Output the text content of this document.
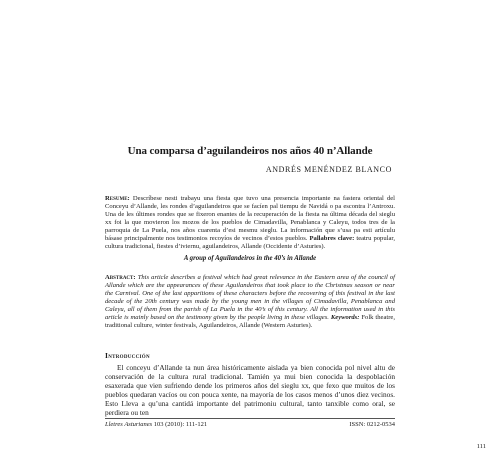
Una comparsa d’aguilandeiros nos años 40 n’Allande
ANDRÉS MENÉNDEZ BLANCO

Resume: Descríbese nesti trabayu una fiesta que tuvo una presencia importante na fastera oriental del Conceyu d’Allande, les rondes d’aguilandeiros que se facíen pal tiempu de Navidá o pa escontra l’Antroxu. Una de les últimes rondes que se fixeron enantes de la recuperación de la fiesta na última década del sieglu xx foi la que movieron los mozos de los pueblos de Cimadavilla, Penablanca y Caleyu, todos tres de la parroquia de La Puela, nos años cuarenta d’esi mesmu sieglu. La información que s’usa pa esti artículu básase principalmente nos testimonios recoyíos de vecinos d’estos pueblos. Pallabres clave: teatru popular, cultura tradicional, fiestes d’iviernu, aguilandeiros, Allande (Occidente d’Asturies).

A group of Aguilandeiros in the 40’s in Allande

Abstract: This article describes a festival which had great relevance in the Eastern area of the council of Allande which are the appearances of these Aguilandeiros that took place to the Christmas season or near the Carnival. One of the last apparitions of these characters before the recovering of this festival in the last decade of the 20th century was made by the young men in the villages of Cimadavilla, Penablanca and Caleyu, all of them from the parish of La Puela in the 40’s of this century. All the information used in this article is mainly based on the testimony given by the people living in these villages. Keywords: Folk theatre, traditional culture, winter festivals, Aguilandeiros, Allande (Western Asturies).

Introducción

El conceyu d’Allande ta nun área históricamente aislada ya bien conocida pol nivel altu de conservación de la cultura rural tradicional. Tamién ya mui bien conocida la despoblación esaxerada que vien sufriendo dende los primeros años del sieglu xx, que fexo que muitos de los pueblos quedaran vacíos ou con pouca xente, na mayoría de los casos menos d’unos diez vecinos. Esto Lleva a qu’una cantidá importante del patrimoniu cultural, tanto tanxible como oral, se perdiera ou ten

Lletres Asturianes 103 (2010): 111-121	ISSN: 0212-0534
111
